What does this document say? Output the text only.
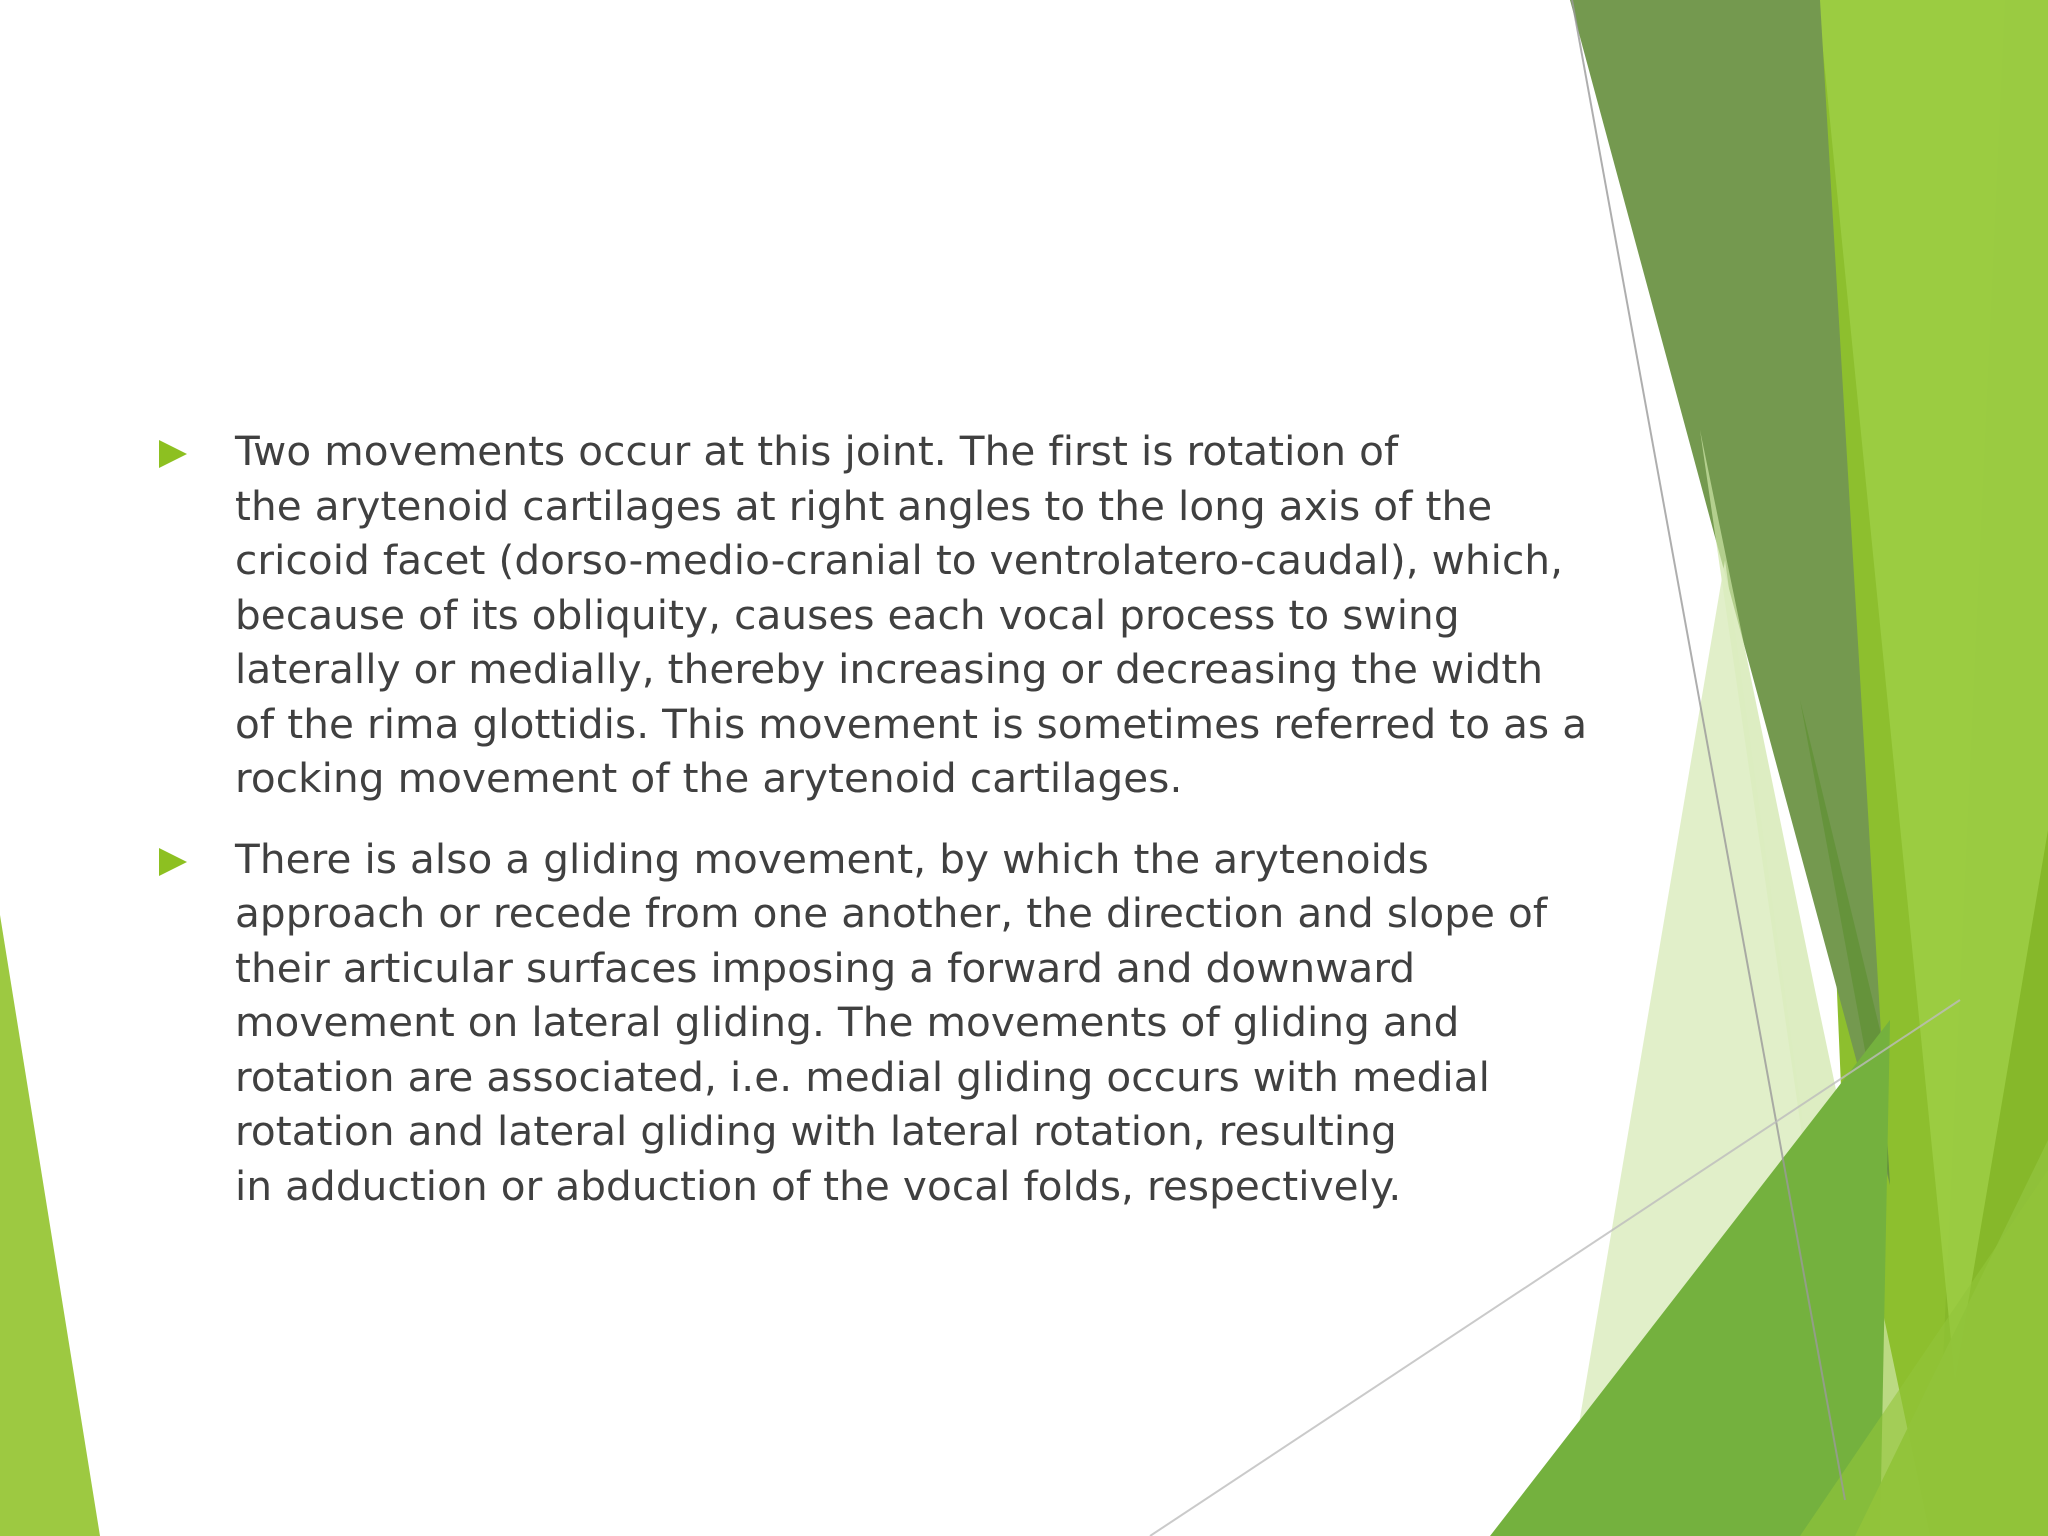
Two movements occur at this joint. The first is rotation of
the arytenoid cartilages at right angles to the long axis of the
cricoid facet (dorso-medio-cranial to ventrolatero-caudal), which,
because of its obliquity, causes each vocal process to swing
laterally or medially, thereby increasing or decreasing the width
of the rima glottidis. This movement is sometimes referred to as a
rocking movement of the arytenoid cartilages.
There is also a gliding movement, by which the arytenoids
approach or recede from one another, the direction and slope of
their articular surfaces imposing a forward and downward
movement on lateral gliding. The movements of gliding and
rotation are associated, i.e. medial gliding occurs with medial
rotation and lateral gliding with lateral rotation, resulting
in adduction or abduction of the vocal folds, respectively.
